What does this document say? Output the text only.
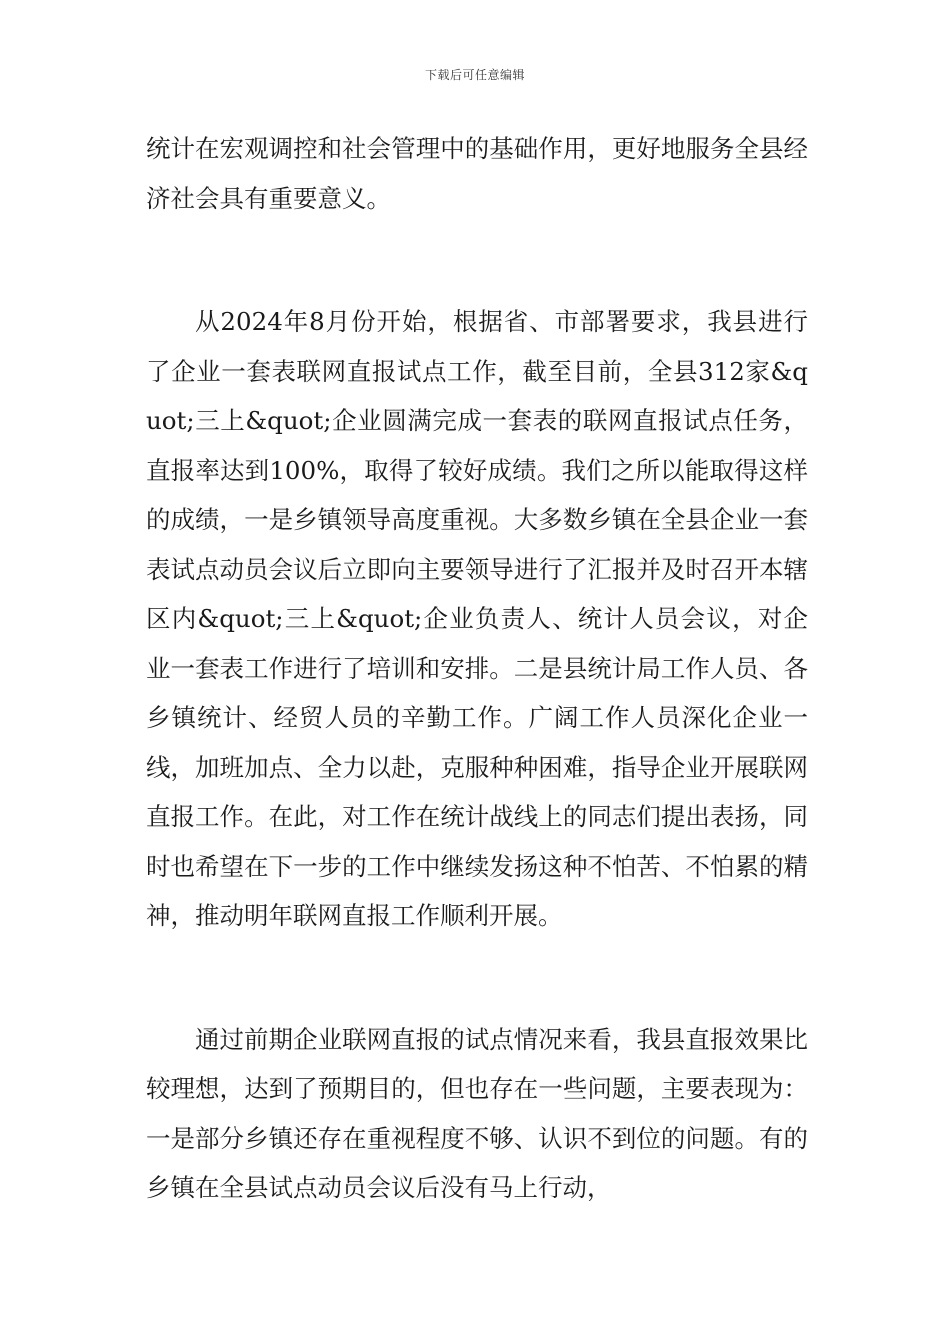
下载后可任意编辑

统计在宏观调控和社会管理中的基础作用，更好地服务全县经济社会具有重要意义。

从2024年8月份开始，根据省、市部署要求，我县进行了企业一套表联网直报试点工作，截至目前，全县312家&quot;三上&quot;企业圆满完成一套表的联网直报试点任务，直报率达到100%，取得了较好成绩。我们之所以能取得这样的成绩，一是乡镇领导高度重视。大多数乡镇在全县企业一套表试点动员会议后立即向主要领导进行了汇报并及时召开本辖区内&quot;三上&quot;企业负责人、统计人员会议，对企业一套表工作进行了培训和安排。二是县统计局工作人员、各乡镇统计、经贸人员的辛勤工作。广阔工作人员深化企业一线，加班加点、全力以赴，克服种种困难，指导企业开展联网直报工作。在此，对工作在统计战线上的同志们提出表扬，同时也希望在下一步的工作中继续发扬这种不怕苦、不怕累的精神，推动明年联网直报工作顺利开展。

通过前期企业联网直报的试点情况来看，我县直报效果比较理想，达到了预期目的，但也存在一些问题，主要表现为：一是部分乡镇还存在重视程度不够、认识不到位的问题。有的乡镇在全县试点动员会议后没有马上行动，
